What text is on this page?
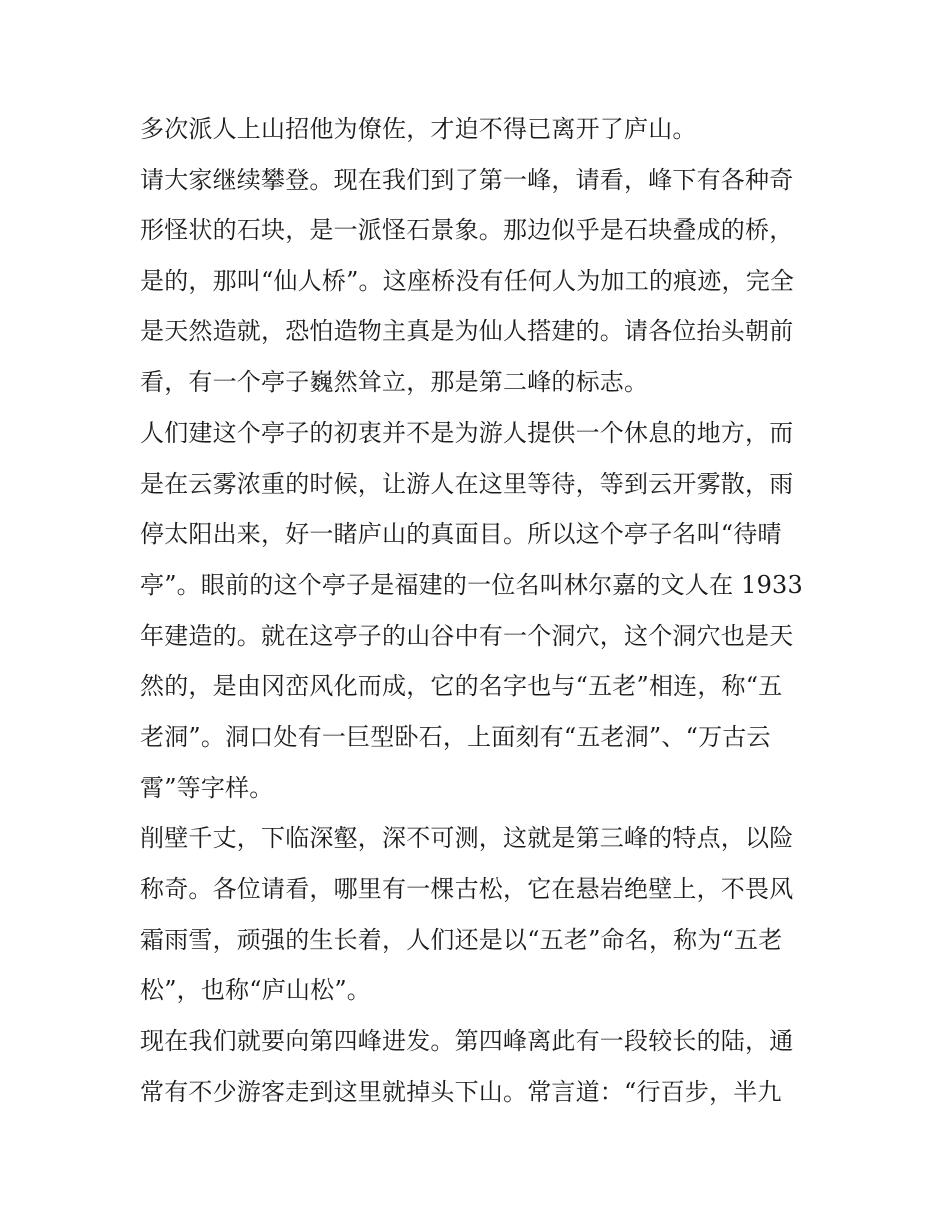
多次派人上山招他为僚佐，才迫不得已离开了庐山。
请大家继续攀登。现在我们到了第一峰，请看，峰下有各种奇
形怪状的石块，是一派怪石景象。那边似乎是石块叠成的桥，
是的，那叫“仙人桥”。这座桥没有任何人为加工的痕迹，完全
是天然造就，恐怕造物主真是为仙人搭建的。请各位抬头朝前
看，有一个亭子巍然耸立，那是第二峰的标志。
人们建这个亭子的初衷并不是为游人提供一个休息的地方，而
是在云雾浓重的时候，让游人在这里等待，等到云开雾散，雨
停太阳出来，好一睹庐山的真面目。所以这个亭子名叫“待晴
亭”。眼前的这个亭子是福建的一位名叫林尔嘉的文人在 1933
年建造的。就在这亭子的山谷中有一个洞穴，这个洞穴也是天
然的，是由冈峦风化而成，它的名字也与“五老”相连，称“五
老洞”。洞口处有一巨型卧石，上面刻有“五老洞”、“万古云
霄”等字样。
削壁千丈，下临深壑，深不可测，这就是第三峰的特点，以险
称奇。各位请看，哪里有一棵古松，它在悬岩绝壁上，不畏风
霜雨雪，顽强的生长着，人们还是以“五老”命名，称为“五老
松”，也称“庐山松”。
现在我们就要向第四峰进发。第四峰离此有一段较长的陆，通
常有不少游客走到这里就掉头下山。常言道：“行百步，半九
